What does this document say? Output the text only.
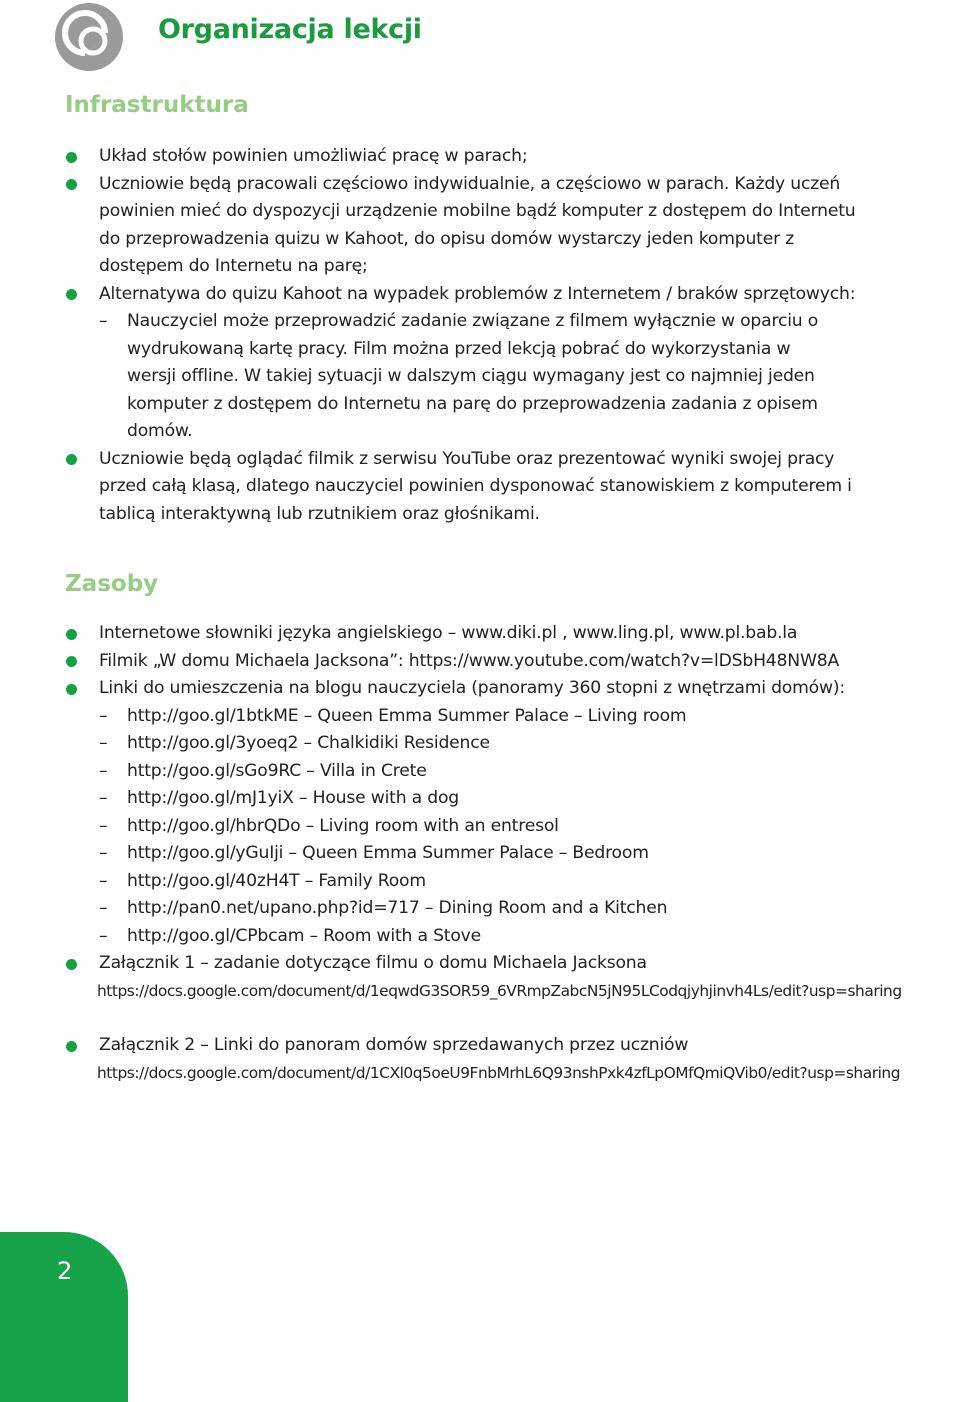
Organizacja lekcji
Infrastruktura
Układ stołów powinien umożliwiać pracę w parach;
Uczniowie będą pracowali częściowo indywidualnie, a częściowo w parach. Każdy uczeń powinien mieć do dyspozycji urządzenie mobilne bądź komputer z dostępem do Internetu do przeprowadzenia quizu w Kahoot, do opisu domów wystarczy jeden komputer z dostępem do Internetu na parę;
Alternatywa do quizu Kahoot na wypadek problemów z Internetem / braków sprzętowych:
– Nauczyciel może przeprowadzić zadanie związane z filmem wyłącznie w oparciu o wydrukowaną kartę pracy. Film można przed lekcją pobrać do wykorzystania w wersji offline. W takiej sytuacji w dalszym ciągu wymagany jest co najmniej jeden komputer z dostępem do Internetu na parę do przeprowadzenia zadania z opisem domów.
Uczniowie będą oglądać filmik z serwisu YouTube oraz prezentować wyniki swojej pracy przed całą klasą, dlatego nauczyciel powinien dysponować stanowiskiem z komputerem i tablicą interaktywną lub rzutnikiem oraz głośnikami.
Zasoby
Internetowe słowniki języka angielskiego – www.diki.pl , www.ling.pl, www.pl.bab.la
Filmik „W domu Michaela Jacksona”: https://www.youtube.com/watch?v=lDSbH48NW8A
Linki do umieszczenia na blogu nauczyciela (panoramy 360 stopni z wnętrzami domów):
– http://goo.gl/1btkME – Queen Emma Summer Palace – Living room
– http://goo.gl/3yoeq2 – Chalkidiki Residence
– http://goo.gl/sGo9RC – Villa in Crete
– http://goo.gl/mJ1yiX – House with a dog
– http://goo.gl/hbrQDo – Living room with an entresol
– http://goo.gl/yGuIji – Queen Emma Summer Palace – Bedroom
– http://goo.gl/40zH4T – Family Room
– http://pan0.net/upano.php?id=717 – Dining Room and a Kitchen
– http://goo.gl/CPbcam – Room with a Stove
Załącznik 1 – zadanie dotyczące filmu o domu Michaela Jacksona
https://docs.google.com/document/d/1eqwdG3SOR59_6VRmpZabcN5jN95LCodqjyhjinvh4Ls/edit?usp=sharing
Załącznik 2 – Linki do panoram domów sprzedawanych przez uczniów
https://docs.google.com/document/d/1CXl0q5oeU9FnbMrhL6Q93nshPxk4zfLpOMfQmiQVib0/edit?usp=sharing
2
